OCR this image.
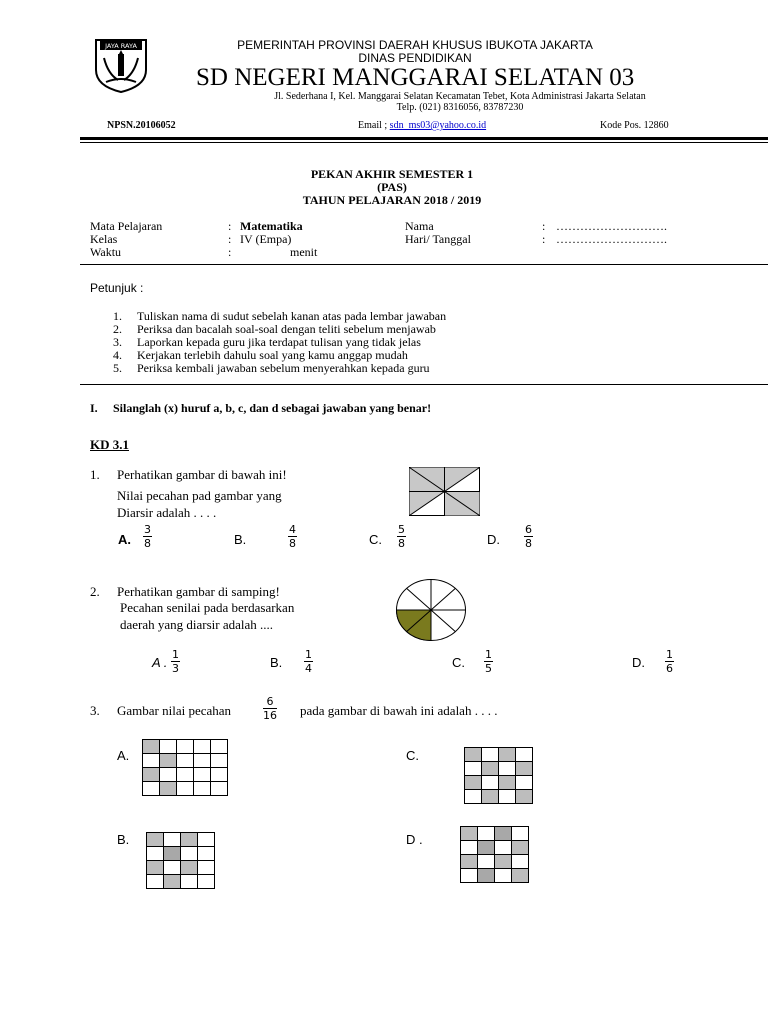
JAYA RAYA	PEMERINTAH PROVINSI DAERAH KHUSUS IBUKOTA JAKARTA
DINAS PENDIDIKAN
SD NEGERI MANGGARAI SELATAN 03
Jl. Sederhana I, Kel. Manggarai Selatan Kecamatan Tebet, Kota Administrasi Jakarta Selatan
Telp. (021) 8316056, 83787230
NPSN.20106052	Email ; sdn_ms03@yahoo.co.id	Kode Pos. 12860
PEKAN AKHIR SEMESTER 1
(PAS)
TAHUN PELAJARAN 2018 / 2019
Mata Pelajaran	: Matematika
Kelas	: IV (Empa)
Waktu	:	menit
Nama	: ……………………….
Hari/ Tanggal	: ……………………….
Petunjuk :
1. Tuliskan nama di sudut sebelah kanan atas pada lembar jawaban
2. Periksa dan bacalah soal-soal dengan teliti sebelum menjawab
3. Laporkan kepada guru jika terdapat tulisan yang tidak jelas
4. Kerjakan terlebih dahulu soal yang kamu anggap mudah
5. Periksa kembali jawaban sebelum menyerahkan kepada guru
I. Silanglah (x) huruf a, b, c, dan d sebagai jawaban yang benar!
KD 3.1
1. Perhatikan gambar di bawah ini!
Nilai pecahan pad gambar yang
Diarsir adalah . . . .
A. $\frac{3}{8}$	B.	$\frac{4}{8}$	C. $\frac{5}{8}$	D. $\frac{6}{8}$
2. Perhatikan gambar di samping!
Pecahan senilai pada berdasarkan
daerah yang diarsir adalah ....
A . $\frac{1}{3}$	B. $\frac{1}{4}$	C. $\frac{1}{5}$	D. $\frac{1}{6}$
3. Gambar nilai pecahan	$\frac{6}{16}$ pada gambar di bawah ini adalah . . . .
A.

					C.

B.

				D .
